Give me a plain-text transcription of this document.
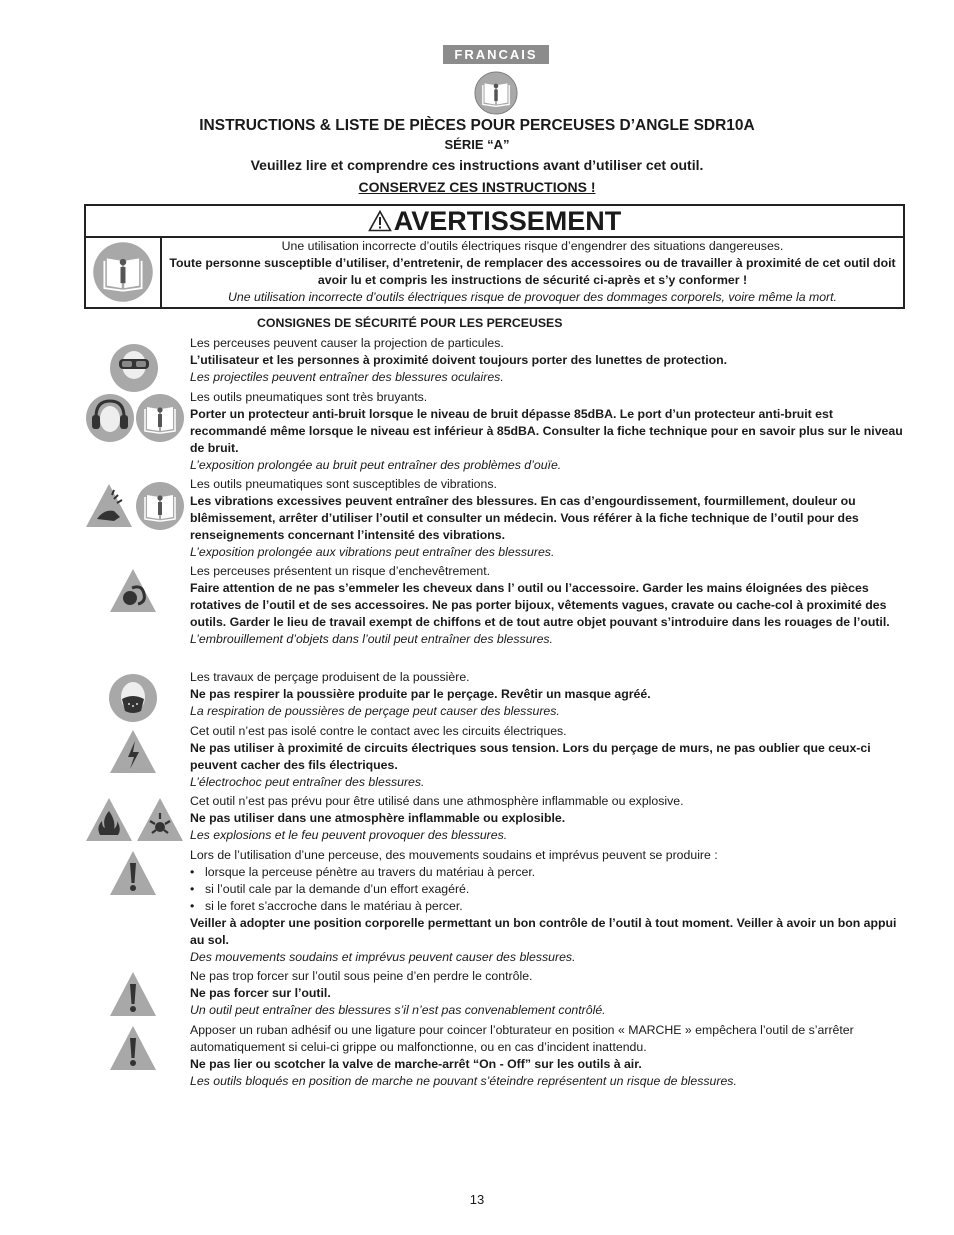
FRANCAIS
INSTRUCTIONS & LISTE DE PIÈCES POUR PERCEUSES D’ANGLE SDR10A
SÉRIE “A”
Veuillez lire et comprendre ces instructions avant d’utiliser cet outil.
CONSERVEZ CES INSTRUCTIONS !
AVERTISSEMENT
Une utilisation incorrecte d’outils électriques risque d’engendrer des situations dangereuses.
Toute personne susceptible d’utiliser, d’entretenir, de remplacer des accessoires ou de travailler à proximité de cet outil doit avoir lu et compris les instructions de sécurité ci-après et s’y conformer !
Une utilisation incorrecte d’outils électriques risque de provoquer des dommages corporels, voire même la mort.
CONSIGNES DE SÉCURITÉ POUR LES PERCEUSES
Les perceuses peuvent causer la projection de particules.
L’utilisateur et les personnes à proximité doivent toujours porter des lunettes de protection.
Les projectiles peuvent entraîner des blessures oculaires.
Les outils pneumatiques sont très bruyants.
Porter un protecteur anti-bruit lorsque le niveau de bruit dépasse 85dBA. Le port d’un protecteur anti-bruit est recommandé même lorsque le niveau est inférieur à 85dBA. Consulter la fiche technique pour en savoir plus sur le niveau de bruit.
L’exposition prolongée au bruit peut entraîner des problèmes d’ouïe.
Les outils pneumatiques sont susceptibles de vibrations.
Les vibrations excessives peuvent entraîner des blessures. En cas d’engourdissement, fourmillement, douleur ou blêmissement, arrêter d’utiliser l’outil et consulter un médecin. Vous référer à la fiche technique de l’outil pour des renseignements concernant l’intensité des vibrations.
L’exposition prolongée aux vibrations peut entraîner des blessures.
Les perceuses présentent un risque d’enchevêtrement.
Faire attention de ne pas s’emmeler les cheveux dans l’ outil ou l’accessoire. Garder les mains éloignées des pièces rotatives de l’outil et de ses accessoires. Ne pas porter bijoux, vêtements vagues, cravate ou cache-col à proximité des outils. Garder le lieu de travail exempt de chiffons et de tout autre objet pouvant s’introduire dans les rouages de l’outil.
L’embrouillement d’objets dans l’outil peut entraîner des blessures.
Les travaux de perçage produisent de la poussière.
Ne pas respirer la poussière produite par le perçage. Revêtir un masque agréé.
La respiration de poussières de perçage peut causer des blessures.
Cet outil n’est pas isolé contre le contact avec les circuits électriques.
Ne pas utiliser à proximité de circuits électriques sous tension. Lors du perçage de murs, ne pas oublier que ceux-ci peuvent cacher des fils électriques.
L’électrochoc peut entraîner des blessures.
Cet outil n’est pas prévu pour être utilisé dans une athmosphère inflammable ou explosive.
Ne pas utiliser dans une atmosphère inflammable ou explosible.
Les explosions et le feu peuvent provoquer des blessures.
Lors de l’utilisation d’une perceuse, des mouvements soudains et imprévus peuvent se produire :
• lorsque la perceuse pénètre au travers du matériau à percer.
• si l’outil cale par la demande d’un effort exagéré.
• si le foret s’accroche dans le matériau à percer.
Veiller à adopter une position corporelle permettant un bon contrôle de l’outil à tout moment. Veiller à avoir un bon appui au sol.
Des mouvements soudains et imprévus peuvent causer des blessures.
Ne pas trop forcer sur l’outil sous peine d’en perdre le contrôle.
Ne pas forcer sur l’outil.
Un outil peut entraîner des blessures s’il n’est pas convenablement contrôlé.
Apposer un ruban adhésif ou une ligature pour coincer l’obturateur en position « MARCHE » empêchera l’outil de s’arrêter automatiquement si celui-ci grippe ou malfonctionne, ou en cas d’incident inattendu.
Ne pas lier ou scotcher la valve de marche-arrêt “On - Off” sur les outils à air.
Les outils bloqués en position de marche ne pouvant s’éteindre représentent un risque de blessures.
13
